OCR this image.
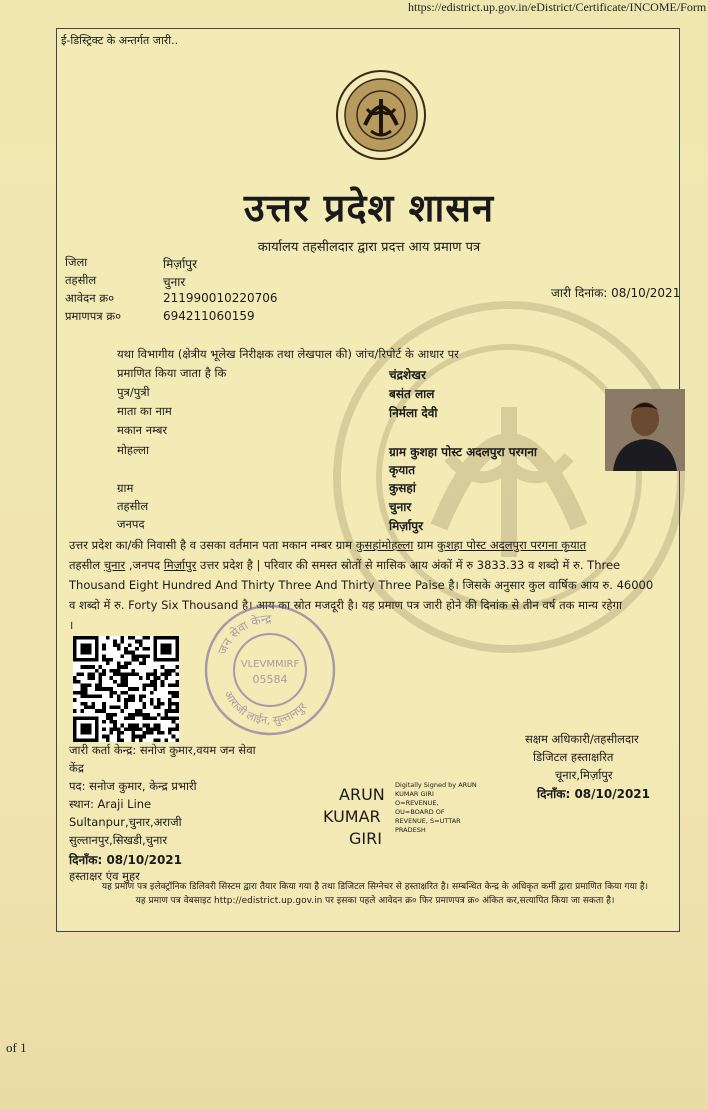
https://edistrict.up.gov.in/eDistrict/Certificate/INCOME/Form
ई-डिस्ट्रिक्ट के अन्तर्गत जारी..
उत्तर प्रदेश शासन
कार्यालय तहसीलदार द्वारा प्रदत्त आय प्रमाण पत्र
जिला	मिर्ज़ापुर
तहसील	चुनार
आवेदन क्र०	211990010220706
प्रमाणपत्र क्र०	694211060159
जारी दिनांक: 08/10/2021
यथा विभागीय (क्षेत्रीय भूलेख निरीक्षक तथा लेखपाल की) जांच/रिपोर्ट के आधार पर
प्रमाणित किया जाता है कि	चंद्रशेखर
पुत्र/पुत्री	बसंत लाल
माता का नाम	निर्मला देवी
मकान नम्बर
मोहल्ला	ग्राम कुशहा पोस्ट अदलपुरा परगना
कृयात
ग्राम	कुसहां
तहसील	चुनार
जनपद	मिर्ज़ापुर
उत्तर प्रदेश का/की निवासी है व उसका वर्तमान पता मकान नम्बर ग्राम कुसहांमोहल्ला ग्राम कुशहा पोस्ट अदलपुरा परगना कृयात
तहसील चुनार ,जनपद मिर्ज़ापुर उत्तर प्रदेश है | परिवार की समस्त स्रोतों से मासिक आय अंकों में रु 3833.33 व शब्दो में रु. Three
Thousand Eight Hundred And Thirty Three And Thirty Three Paise है। जिसके अनुसार कुल वार्षिक आय रु. 46000
व शब्दो में रु. Forty Six Thousand है। आय का स्रोत मजदूरी है। यह प्रमाण पत्र जारी होने की दिनांक से तीन वर्ष तक मान्य रहेगा
।
जन सेवा केन्द्र
आराजी लाईन, सुल्तानपुर
VLEVMMIRF
05584
जारी कर्ता केन्द्र: सनोज कुमार,वयम जन सेवा
केंद्र
पद: सनोज कुमार, केन्द्र प्रभारी
स्थान: Araji Line
Sultanpur,चुनार,अराजी
सुल्तानपुर,सिखडी,चुनार
दिनाँक: 08/10/2021
हस्ताक्षर एंव मुहर
ARUN
KUMAR
GIRI
Digitally Signed by ARUN
KUMAR GIRI
O=REVENUE,
OU=BOARD OF
REVENUE, S=UTTAR
PRADESH
सक्षम अधिकारी/तहसीलदार
डिजिटल हस्ताक्षरित
चूनार,मिर्ज़ापुर
दिनाँक: 08/10/2021
यह प्रमाण पत्र इलेक्ट्रॉनिक डिलिवरी सिस्टम द्वारा तैयार किया गया है तथा डिजिटल सिग्नेचर से हस्ताक्षरित है। सम्बन्धित केन्द्र के अधिकृत कर्मी द्वारा प्रमाणित किया गया है।
यह प्रमाण पत्र वेबसाइट http://edistrict.up.gov.in पर इसका पहले आवेदन क्र० फिर प्रमाणपत्र क्र० अंकित कर,सत्यापित किया जा सकता है।
of 1
